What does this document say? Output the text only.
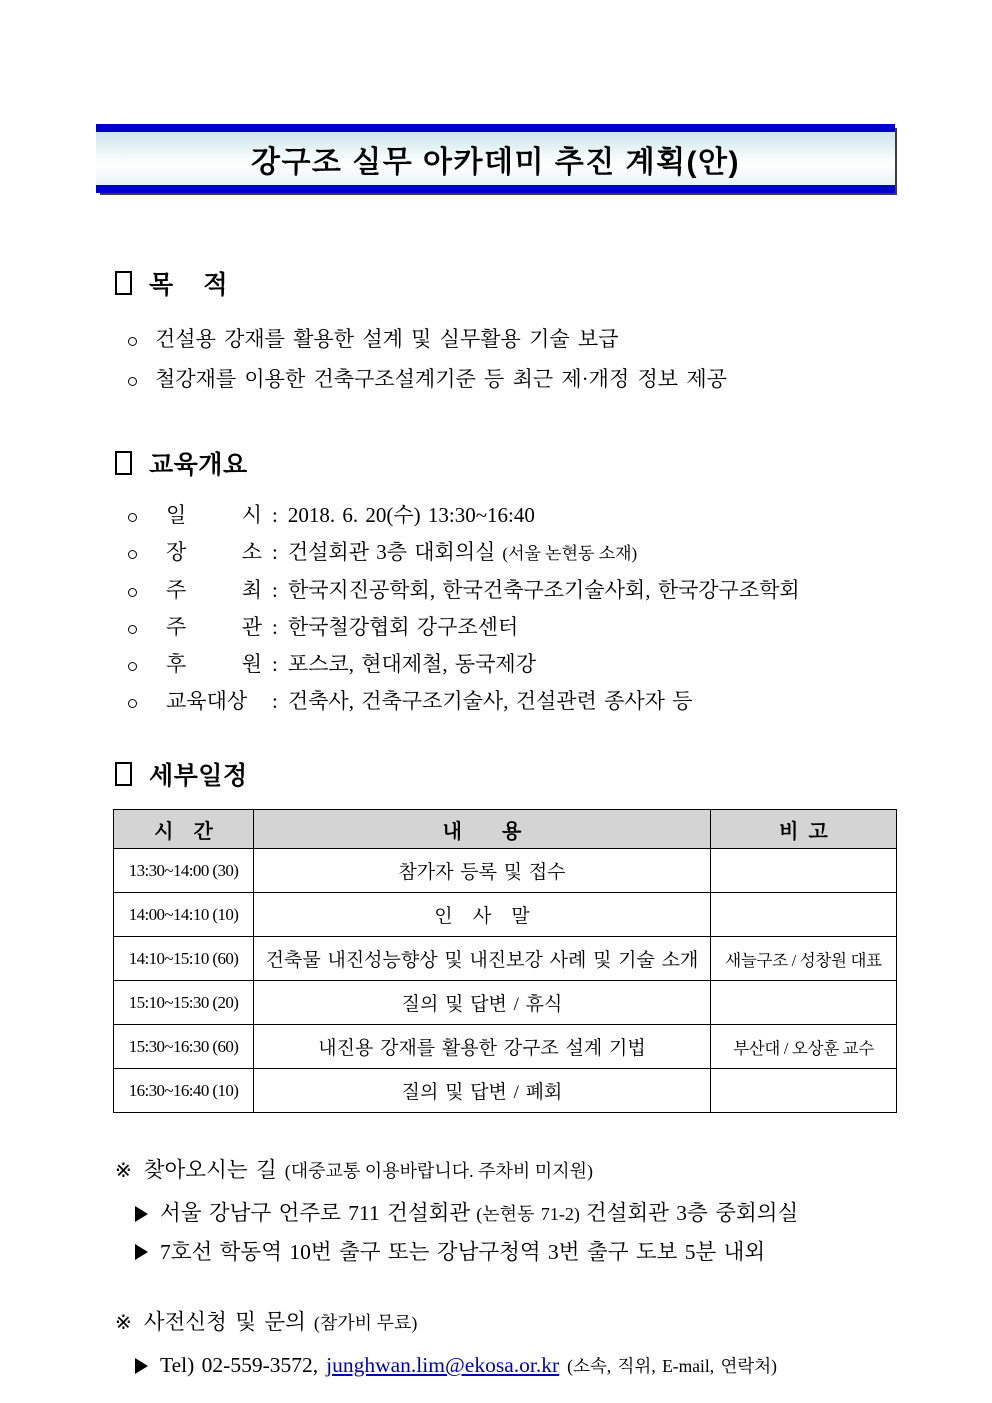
강구조 실무 아카데미 추진 계획(안)
목    적
건설용 강재를 활용한 설계 및 실무활용 기술 보급
철강재를 이용한 건축구조설계기준 등 최근 제·개정 정보 제공
교육개요
일 시 : 2018. 6. 20(수) 13:30~16:40
장 소 : 건설회관 3층 대회의실 (서울 논현동 소재)
주 최 : 한국지진공학회, 한국건축구조기술사회, 한국강구조학회
주 관 : 한국철강협회 강구조센터
후 원 : 포스코, 현대제철, 동국제강
교육대상	: 건축사, 건축구조기술사, 건설관련 종사자 등
세부일정
시    간	내        용	비  고
13:30~14:00 (30)	참가자 등록 및 접수	
14:00~14:10 (10)	인   사   말	
14:10~15:10 (60)	건축물 내진성능향상 및 내진보강 사례 및 기술 소개	새늘구조 / 성창원 대표
15:10~15:30 (20)	질의 및 답변 / 휴식	
15:30~16:30 (60)	내진용 강재를 활용한 강구조 설계 기법	부산대 / 오상훈 교수
16:30~16:40 (10)	질의 및 답변 / 폐회	
※ 찾아오시는 길 (대중교통 이용바랍니다. 주차비 미지원)
서울 강남구 언주로 711 건설회관 (논현동 71-2) 건설회관 3층 중회의실
7호선 학동역 10번 출구 또는 강남구청역 3번 출구 도보 5분 내외
※ 사전신청 및 문의 (참가비 무료)
Tel) 02-559-3572, junghwan.lim@ekosa.or.kr (소속, 직위, E-mail, 연락처)
